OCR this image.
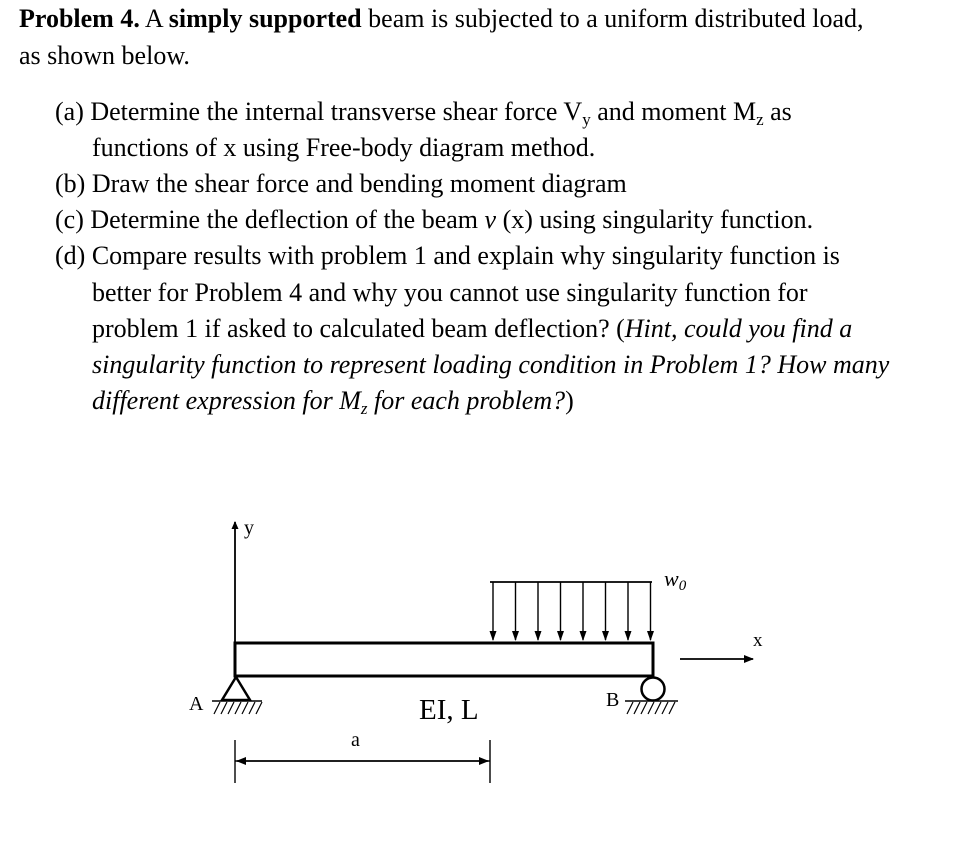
Problem 4. A simply supported beam is subjected to a uniform distributed load,
as shown below.
(a) Determine the internal transverse shear force $V_y$ and moment $M_z$ as
functions of x using Free-body diagram method.
(b) Draw the shear force and bending moment diagram
(c) Determine the deflection of the beam v (x) using singularity function.
(d) Compare results with problem 1 and explain why singularity function is
better for Problem 4 and why you cannot use singularity function for
problem 1 if asked to calculated beam deflection? (Hint, could you find a
singularity function to represent loading condition in Problem 1? How many
different expression for $M_z$ for each problem?)
y
w0
x
A	B
EI, L
a
